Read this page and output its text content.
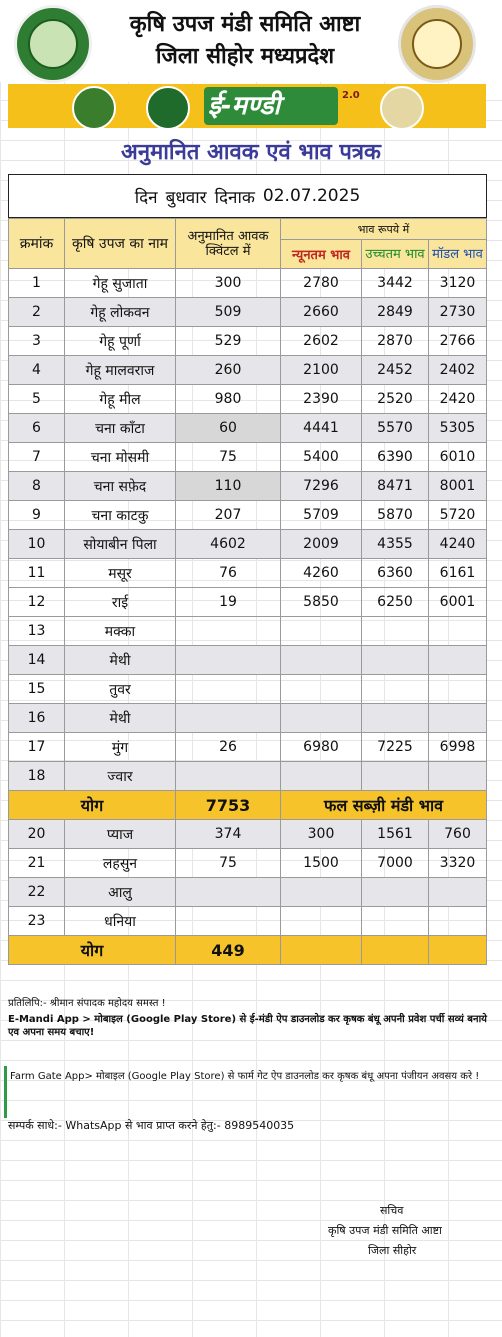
कृषि उपज मंडी समिति आष्टा
जिला सीहोर मध्यप्रदेश
ई-मण्डी	2.0
अनुमानित आवक एवं भाव पत्रक
दिन बुधवार दिनाक 02.07.2025
क्रमांक	कृषि उपज का नाम	अनुमानित आवक क्विंटल में	भाव रूपये में		
			न्यूनतम भाव	उच्चतम भाव	मॉडल भाव
1	गेहू सुजाता	300	2780	3442	3120
2	गेहू लोकवन	509	2660	2849	2730
3	गेहू पूर्णा	529	2602	2870	2766
4	गेहू मालवराज	260	2100	2452	2402
5	गेहू मील	980	2390	2520	2420
6	चना काँटा	60	4441	5570	5305
7	चना मोसमी	75	5400	6390	6010
8	चना सफ़ेद	110	7296	8471	8001
9	चना काटकु	207	5709	5870	5720
10	सोयाबीन पिला	4602	2009	4355	4240
11	मसूर	76	4260	6360	6161
12	राई	19	5850	6250	6001
13	मक्का				
14	मेथी				
15	तुवर				
16	मेथी				
17	मुंग	26	6980	7225	6998
18	ज्वार				
योग		7753	फल सब्ज़ी मंडी भाव		
20	प्याज	374	300	1561	760
21	लहसुन	75	1500	7000	3320
22	आलु				
23	धनिया				
योग		449			
प्रतिलिपि:- श्रीमान संपादक महोदय समस्त !
E-Mandi App > मोबाइल (Google Play Store) से ई-मंडी ऐप डाउनलोड कर कृषक बंधू अपनी प्रवेश पर्ची सव्यं बनाये एव अपना समय बचाए!
Farm Gate App> मोबाइल (Google Play Store) से फार्म गेट ऐप डाउनलोड कर कृषक बंधू अपना पंजीयन अवसय करे !
सम्पर्क साधे:- WhatsApp से भाव प्राप्त करने हेतु:- 8989540035
सचिव
कृषि उपज मंडी समिति आष्टा
जिला सीहोर
